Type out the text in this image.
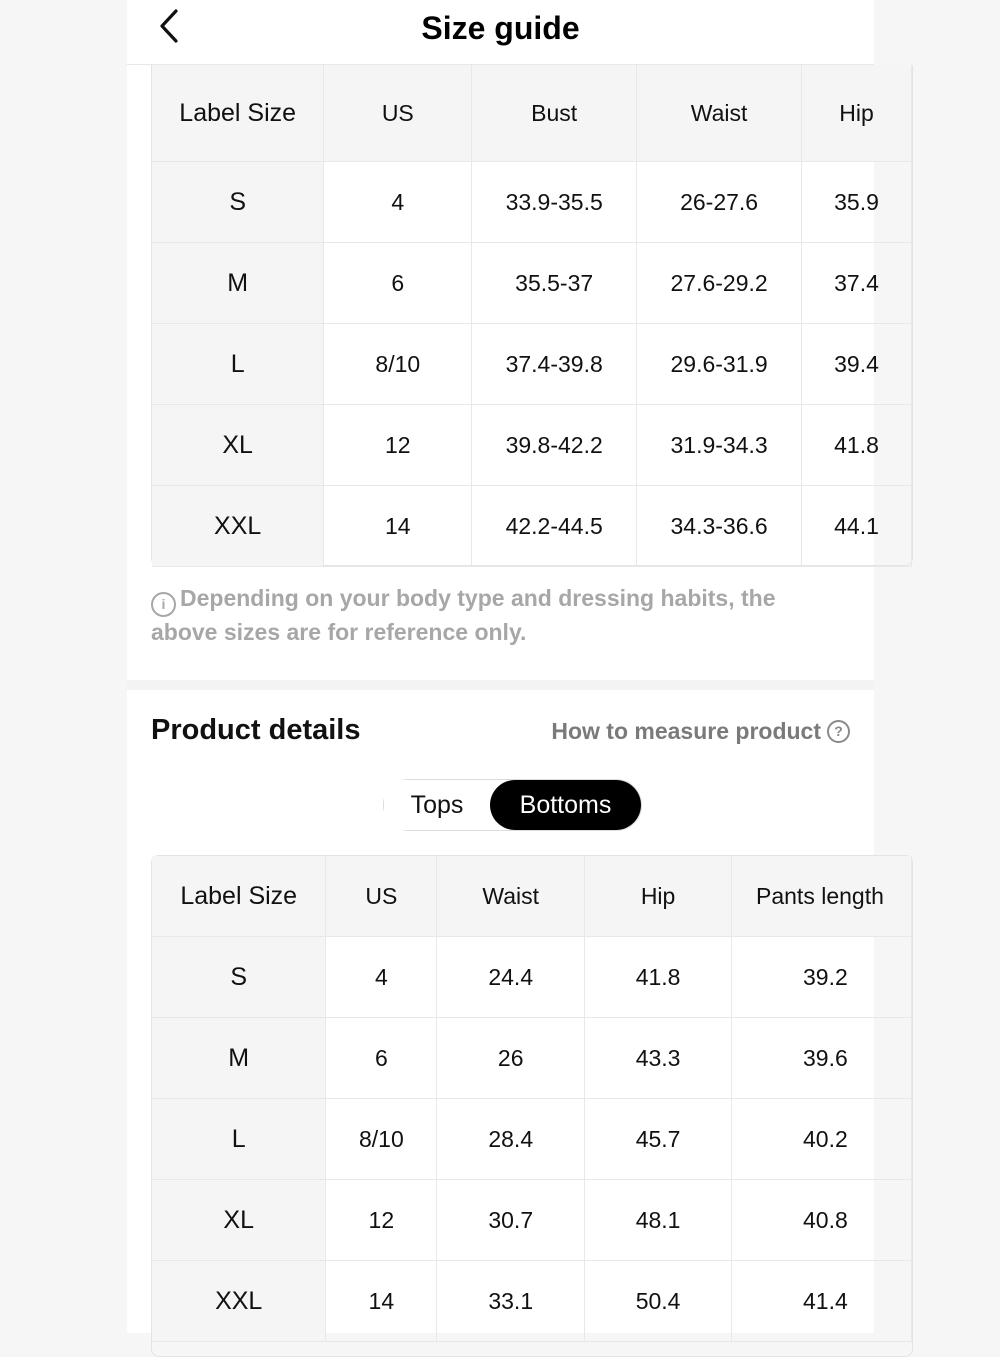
Size guide
Label Size	US	Bust	Waist	Hip
S	4	33.9-35.5	26-27.6	35.9
M	6	35.5-37	27.6-29.2	37.4
L	8/10	37.4-39.8	29.6-31.9	39.4
XL	12	39.8-42.2	31.9-34.3	41.8
XXL	14	42.2-44.5	34.3-36.6	44.1
i Depending on your body type and dressing habits, the above sizes are for reference only.
Product details	How to measure product ?
Tops	Bottoms
Label Size	US	Waist	Hip	Pants length
S	4	24.4	41.8	39.2
M	6	26	43.3	39.6
L	8/10	28.4	45.7	40.2
XL	12	30.7	48.1	40.8
XXL	14	33.1	50.4	41.4
